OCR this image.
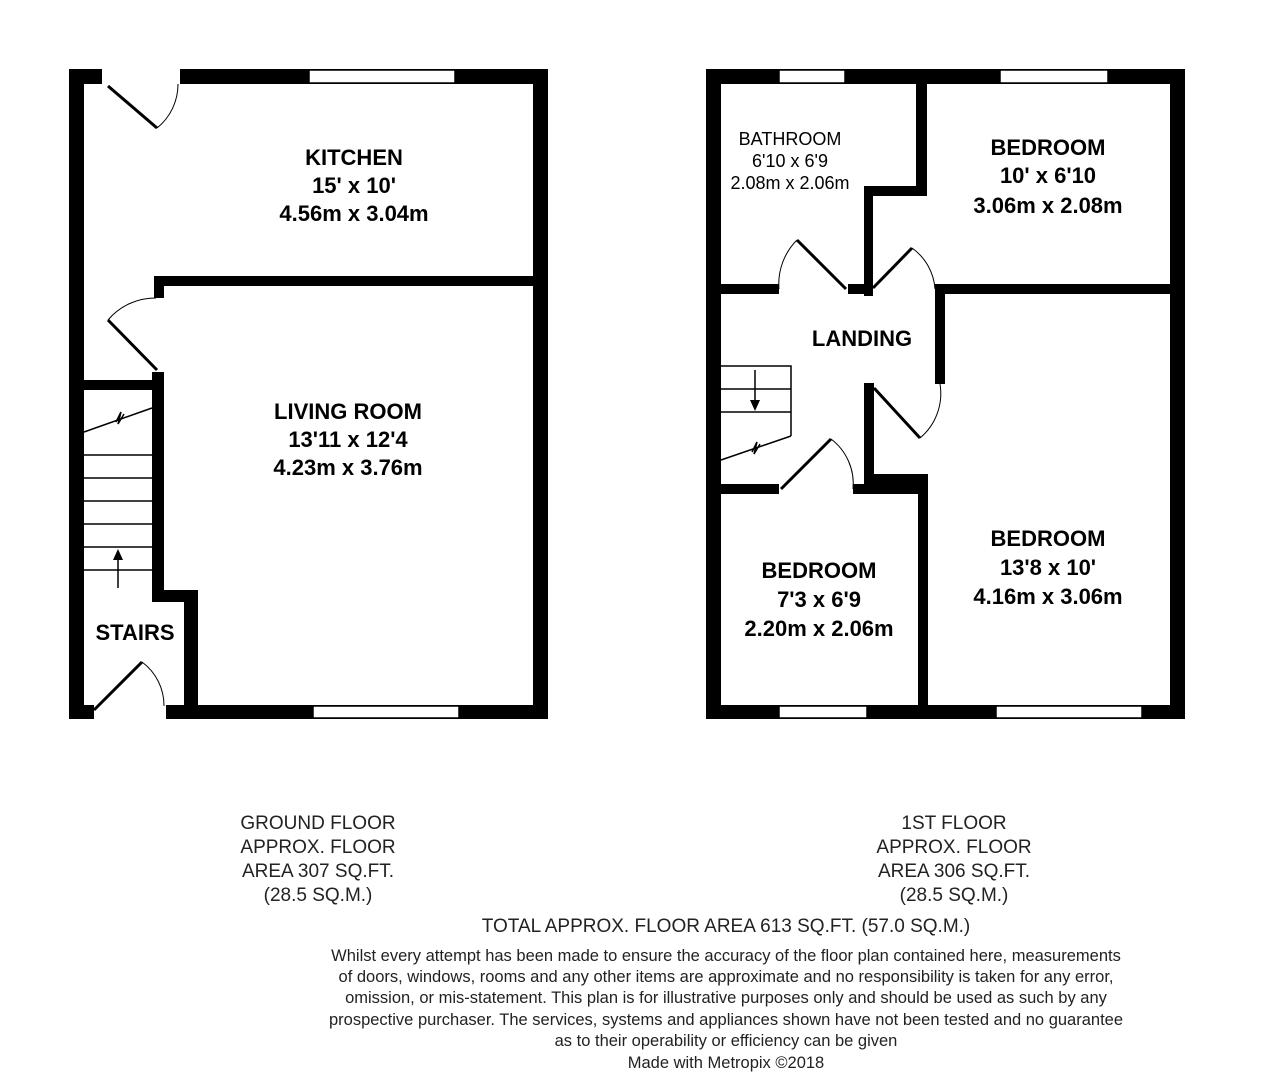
KITCHEN
15' x 10'
4.56m x 3.04m
LIVING ROOM
13'11 x 12'4
4.23m x 3.76m
STAIRS
BATHROOM
6'10 x 6'9
2.08m x 2.06m
BEDROOM
10' x 6'10
3.06m x 2.08m
LANDING
BEDROOM
7'3 x 6'9
2.20m x 2.06m
BEDROOM
13'8 x 10'
4.16m x 3.06m
GROUND FLOOR
APPROX. FLOOR
AREA 307 SQ.FT.
(28.5 SQ.M.)
1ST FLOOR
APPROX. FLOOR
AREA 306 SQ.FT.
(28.5 SQ.M.)
TOTAL APPROX. FLOOR AREA 613 SQ.FT. (57.0 SQ.M.)
Whilst every attempt has been made to ensure the accuracy of the floor plan contained here, measurements
of doors, windows, rooms and any other items are approximate and no responsibility is taken for any error,
omission, or mis-statement. This plan is for illustrative purposes only and should be used as such by any
prospective purchaser. The services, systems and appliances shown have not been tested and no guarantee
as to their operability or efficiency can be given
Made with Metropix ©2018
